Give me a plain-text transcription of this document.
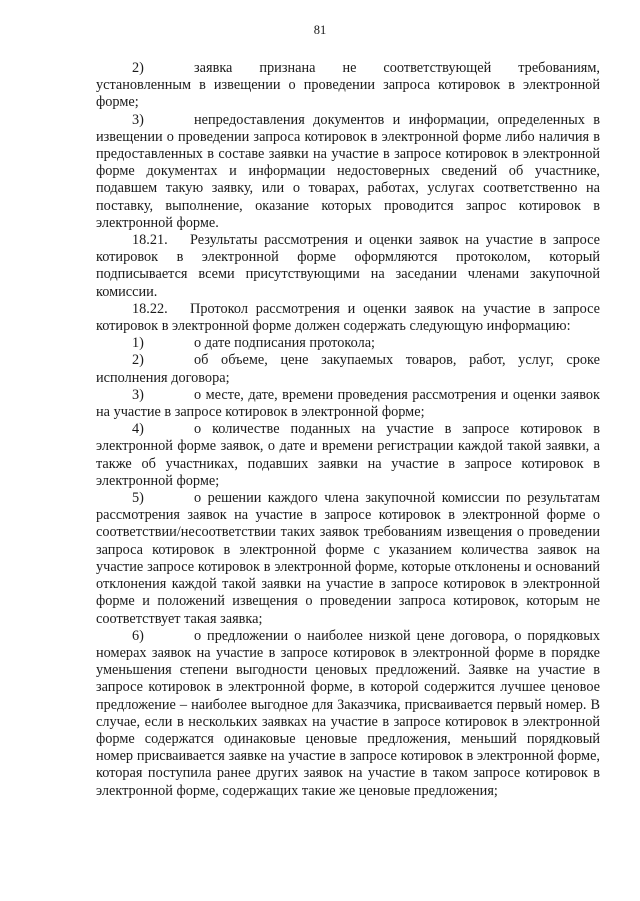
81

2)	заявка признана не соответствующей требованиям, установленным в извещении о проведении запроса котировок в электронной форме;

3)	непредоставления документов и информации, определенных в извещении о проведении запроса котировок в электронной форме либо наличия в предоставленных в составе заявки на участие в запросе котировок в электронной форме документах и информации недостоверных сведений об участнике, подавшем такую заявку, или о товарах, работах, услугах соответственно на поставку, выполнение, оказание которых проводится запрос котировок в электронной форме.

18.21. Результаты рассмотрения и оценки заявок на участие в запросе котировок в электронной форме оформляются протоколом, который подписывается всеми присутствующими на заседании членами закупочной комиссии.

18.22. Протокол рассмотрения и оценки заявок на участие в запросе котировок в электронной форме должен содержать следующую информацию:

1)	о дате подписания протокола;

2)	об объеме, цене закупаемых товаров, работ, услуг, сроке исполнения договора;

3)	о месте, дате, времени проведения рассмотрения и оценки заявок на участие в запросе котировок в электронной форме;

4)	о количестве поданных на участие в запросе котировок в электронной форме заявок, о дате и времени регистрации каждой такой заявки, а также об участниках, подавших заявки на участие в запросе котировок в электронной форме;

5)	о решении каждого члена закупочной комиссии по результатам рассмотрения заявок на участие в запросе котировок в электронной форме о соответствии/несоответствии таких заявок требованиям извещения о проведении запроса котировок в электронной форме с указанием количества заявок на участие запросе котировок в электронной форме, которые отклонены и оснований отклонения каждой такой заявки на участие в запросе котировок в электронной форме и положений извещения о проведении запроса котировок, которым не соответствует такая заявка;

6)	о предложении о наиболее низкой цене договора, о порядковых номерах заявок на участие в запросе котировок в электронной форме в порядке уменьшения степени выгодности ценовых предложений. Заявке на участие в запросе котировок в электронной форме, в которой содержится лучшее ценовое предложение – наиболее выгодное для Заказчика, присваивается первый номер. В случае, если в нескольких заявках на участие в запросе котировок в электронной форме содержатся одинаковые ценовые предложения, меньший порядковый номер присваивается заявке на участие в запросе котировок в электронной форме, которая поступила ранее других заявок на участие в таком запросе котировок в электронной форме, содержащих такие же ценовые предложения;
